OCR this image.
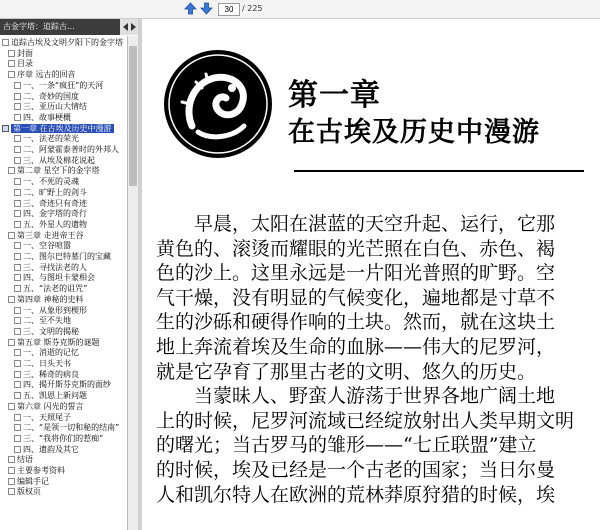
30
/ 225
古金字塔：追踪古...
追踪古埃及文明夕阳下的金字塔
封面
目录
序章 远古的回音
一、一条“疯狂”的天河
二、奇妙的国度
三、亚历山大情结
四、故事梗概
第一章 在古埃及历史中漫游
一、法老的荣光
二、阿蒙霍泰普时的外邦人
三、从埃及棉花说起
第二章 星空下的金字塔
一、不死的灵魂
二、旷野上的剑斗
三、奇迹只有奇迹
四、金字塔的奇行
五、外星人的遗物
第三章 走进帝王谷
一、空谷喧嚣
二、图尔巴特墓门的宝藏
三、寻找法老的人
四、与图坦卡蒙相会
五、“法老的诅咒”
第四章 神秘的史料
一、从象形到楔形
二、至不失地
三、文明的揭秘
第五章 斯芬克斯的谜题
一、消逝的记忆
二、日头天书
三、稀奇的病良
四、揭开斯芬克斯的面纱
五、凯恩上新问题
第六章 闪光的誓言
一、天照尾子
二、“是领一切和秘的结南”
三、“我将你们的惹痴”
四、遗韵及其它
结语
主要参考资料
编辑手记
版权页
第一章
在古埃及历史中漫游
　　早晨，太阳在湛蓝的天空升起、运行，它那
黄色的、滚烫而耀眼的光芒照在白色、赤色、褐
色的沙上。这里永远是一片阳光普照的旷野。空
气干燥，没有明显的气候变化，遍地都是寸草不
生的沙砾和硬得作响的土块。然而，就在这块土
地上奔流着埃及生命的血脉——伟大的尼罗河，
就是它孕育了那里古老的文明、悠久的历史。
　　当蒙昧人、野蛮人游荡于世界各地广阔土地
上的时候，尼罗河流域已经绽放射出人类早期文明
的曙光；当古罗马的雏形——“七丘联盟”建立
的时候，埃及已经是一个古老的国家；当日尔曼
人和凯尔特人在欧洲的荒林莽原狩猎的时候，埃
